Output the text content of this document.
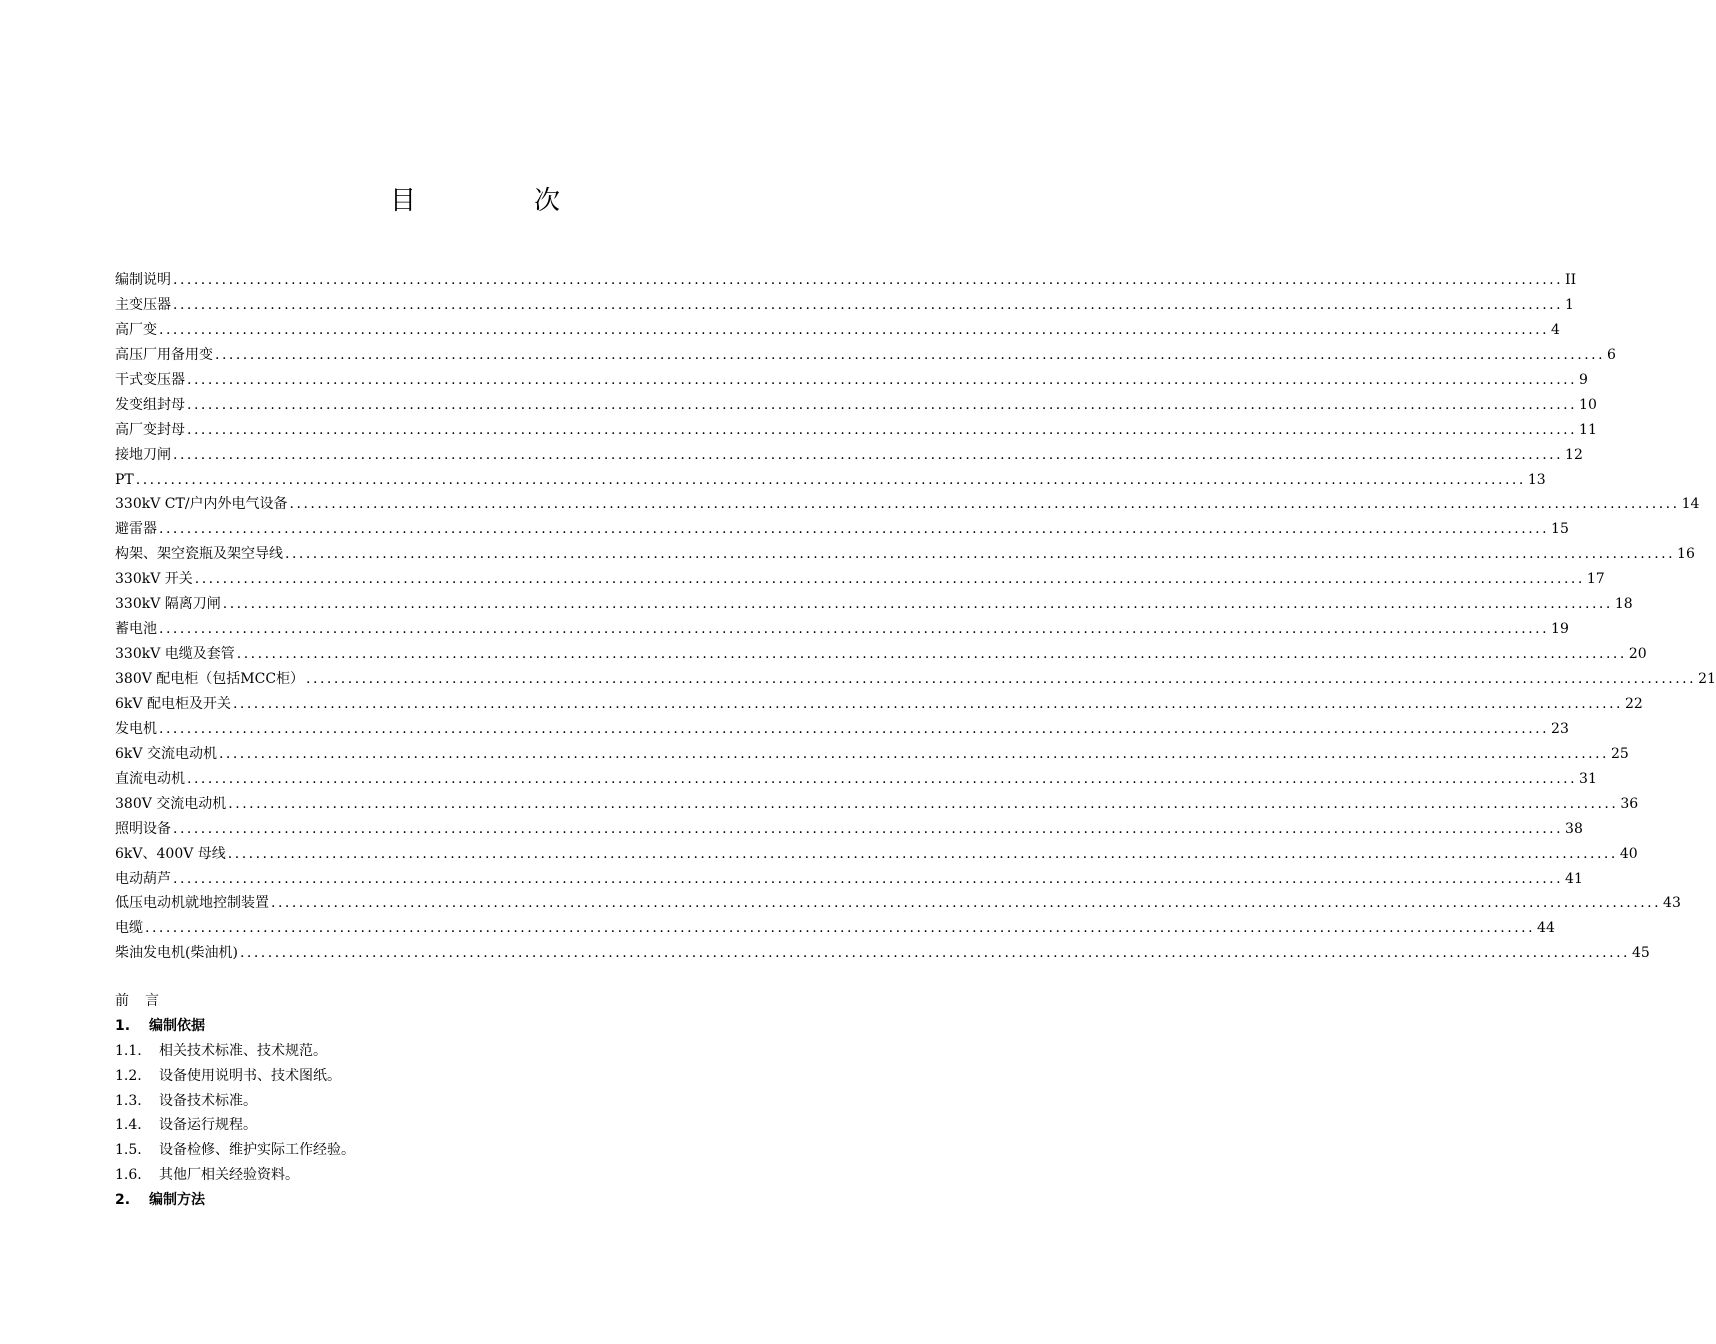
目　次
编制说明 ........................................................................................................................................................................................................ II
主变压器 ........................................................................................................................................................................................................ 1
高厂变 ........................................................................................................................................................................................................ 4
高压厂用备用变 ........................................................................................................................................................................................................ 6
干式变压器 ........................................................................................................................................................................................................ 9
发变组封母 ........................................................................................................................................................................................................ 10
高厂变封母 ........................................................................................................................................................................................................ 11
接地刀闸 ........................................................................................................................................................................................................ 12
PT ........................................................................................................................................................................................................ 13
330kV CT/户内外电气设备 ........................................................................................................................................................................................................ 14
避雷器 ........................................................................................................................................................................................................ 15
构架、架空瓷瓶及架空导线 ........................................................................................................................................................................................................ 16
330kV 开关 ........................................................................................................................................................................................................ 17
330kV 隔离刀闸 ........................................................................................................................................................................................................ 18
蓄电池 ........................................................................................................................................................................................................ 19
330kV 电缆及套管 ........................................................................................................................................................................................................ 20
380V 配电柜（包括MCC柜） ........................................................................................................................................................................................................ 21
6kV 配电柜及开关 ........................................................................................................................................................................................................ 22
发电机 ........................................................................................................................................................................................................ 23
6kV 交流电动机 ........................................................................................................................................................................................................ 25
直流电动机 ........................................................................................................................................................................................................ 31
380V 交流电动机 ........................................................................................................................................................................................................ 36
照明设备 ........................................................................................................................................................................................................ 38
6kV、400V 母线 ........................................................................................................................................................................................................ 40
电动葫芦 ........................................................................................................................................................................................................ 41
低压电动机就地控制装置 ........................................................................................................................................................................................................ 43
电缆 ........................................................................................................................................................................................................ 44
柴油发电机(柴油机) ........................................................................................................................................................................................................ 45
前言
1. 编制依据
1.1. 相关技术标准、技术规范。
1.2. 设备使用说明书、技术图纸。
1.3. 设备技术标准。
1.4. 设备运行规程。
1.5. 设备检修、维护实际工作经验。
1.6. 其他厂相关经验资料。
2. 编制方法
